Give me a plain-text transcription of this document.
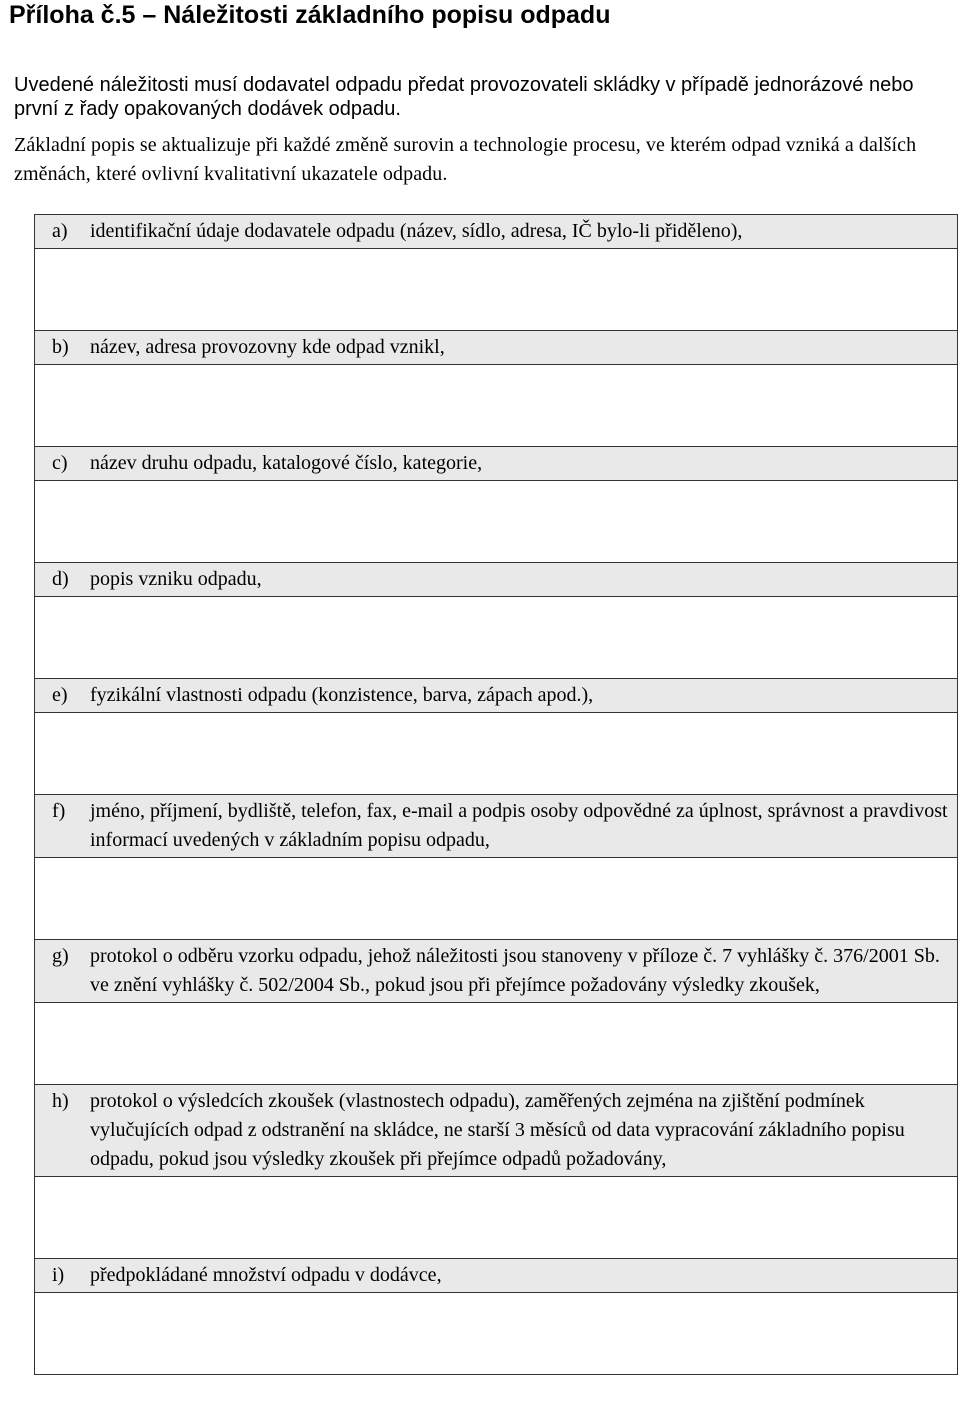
Příloha č.5 – Náležitosti základního popisu odpadu

Uvedené náležitosti musí dodavatel odpadu předat provozovateli skládky v případě jednorázové nebo první z řady opakovaných dodávek odpadu.

Základní popis se aktualizuje při každé změně surovin a technologie procesu, ve kterém odpad vzniká a dalších změnách, které ovlivní kvalitativní ukazatele odpadu.

a)	identifikační údaje dodavatele odpadu (název, sídlo, adresa, IČ bylo-li přiděleno),
b)	název, adresa provozovny kde odpad vznikl,
c)	název druhu odpadu, katalogové číslo, kategorie,
d)	popis vzniku odpadu,
e)	fyzikální vlastnosti odpadu (konzistence, barva, zápach apod.),
f)	jméno, příjmení, bydliště, telefon, fax, e-mail a podpis osoby odpovědné za úplnost, správnost a pravdivost informací uvedených v základním popisu odpadu,
g)	protokol o odběru vzorku odpadu, jehož náležitosti jsou stanoveny v příloze č. 7 vyhlášky č. 376/2001 Sb. ve znění vyhlášky č. 502/2004 Sb., pokud jsou při přejímce požadovány výsledky zkoušek,
h)	protokol o výsledcích zkoušek (vlastnostech odpadu), zaměřených zejména na zjištění podmínek vylučujících odpad z odstranění na skládce, ne starší 3 měsíců od data vypracování základního popisu odpadu, pokud jsou výsledky zkoušek při přejímce odpadů požadovány,
i)	předpokládané množství odpadu v dodávce,
